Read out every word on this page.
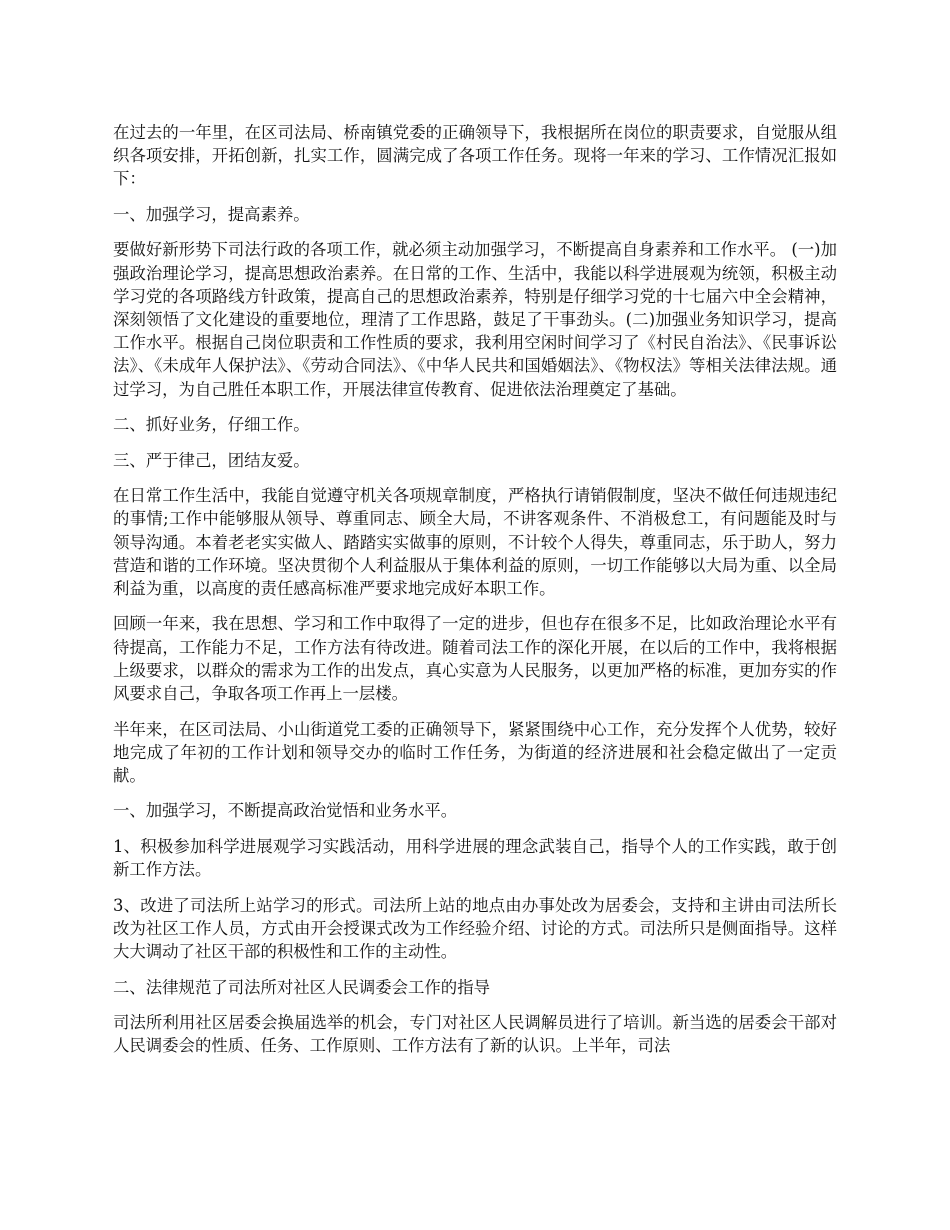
在过去的一年里，在区司法局、桥南镇党委的正确领导下，我根据所在岗位的职责要求，自觉服从组织各项安排，开拓创新，扎实工作，圆满完成了各项工作任务。现将一年来的学习、工作情况汇报如下：

一、加强学习，提高素养。

要做好新形势下司法行政的各项工作，就必须主动加强学习，不断提高自身素养和工作水平。 (一)加强政治理论学习，提高思想政治素养。在日常的工作、生活中，我能以科学进展观为统领，积极主动学习党的各项路线方针政策，提高自己的思想政治素养，特别是仔细学习党的十七届六中全会精神，深刻领悟了文化建设的重要地位，理清了工作思路，鼓足了干事劲头。(二)加强业务知识学习，提高工作水平。根据自己岗位职责和工作性质的要求，我利用空闲时间学习了《村民自治法》、《民事诉讼法》、《未成年人保护法》、《劳动合同法》、《中华人民共和国婚姻法》、《物权法》等相关法律法规。通过学习，为自己胜任本职工作，开展法律宣传教育、促进依法治理奠定了基础。

二、抓好业务，仔细工作。

三、严于律己，团结友爱。

在日常工作生活中，我能自觉遵守机关各项规章制度，严格执行请销假制度，坚决不做任何违规违纪的事情;工作中能够服从领导、尊重同志、顾全大局，不讲客观条件、不消极怠工，有问题能及时与领导沟通。本着老老实实做人、踏踏实实做事的原则，不计较个人得失，尊重同志，乐于助人，努力营造和谐的工作环境。坚决贯彻个人利益服从于集体利益的原则，一切工作能够以大局为重、以全局利益为重，以高度的责任感高标准严要求地完成好本职工作。

回顾一年来，我在思想、学习和工作中取得了一定的进步，但也存在很多不足，比如政治理论水平有待提高，工作能力不足，工作方法有待改进。随着司法工作的深化开展，在以后的工作中，我将根据上级要求，以群众的需求为工作的出发点，真心实意为人民服务，以更加严格的标准，更加夯实的作风要求自己，争取各项工作再上一层楼。

半年来，在区司法局、小山街道党工委的正确领导下，紧紧围绕中心工作，充分发挥个人优势，较好地完成了年初的工作计划和领导交办的临时工作任务，为街道的经济进展和社会稳定做出了一定贡献。

一、加强学习，不断提高政治觉悟和业务水平。

1、积极参加科学进展观学习实践活动，用科学进展的理念武装自己，指导个人的工作实践，敢于创新工作方法。

3、改进了司法所上站学习的形式。司法所上站的地点由办事处改为居委会，支持和主讲由司法所长改为社区工作人员，方式由开会授课式改为工作经验介绍、讨论的方式。司法所只是侧面指导。这样大大调动了社区干部的积极性和工作的主动性。

二、法律规范了司法所对社区人民调委会工作的指导

司法所利用社区居委会换届选举的机会，专门对社区人民调解员进行了培训。新当选的居委会干部对人民调委会的性质、任务、工作原则、工作方法有了新的认识。上半年，司法
